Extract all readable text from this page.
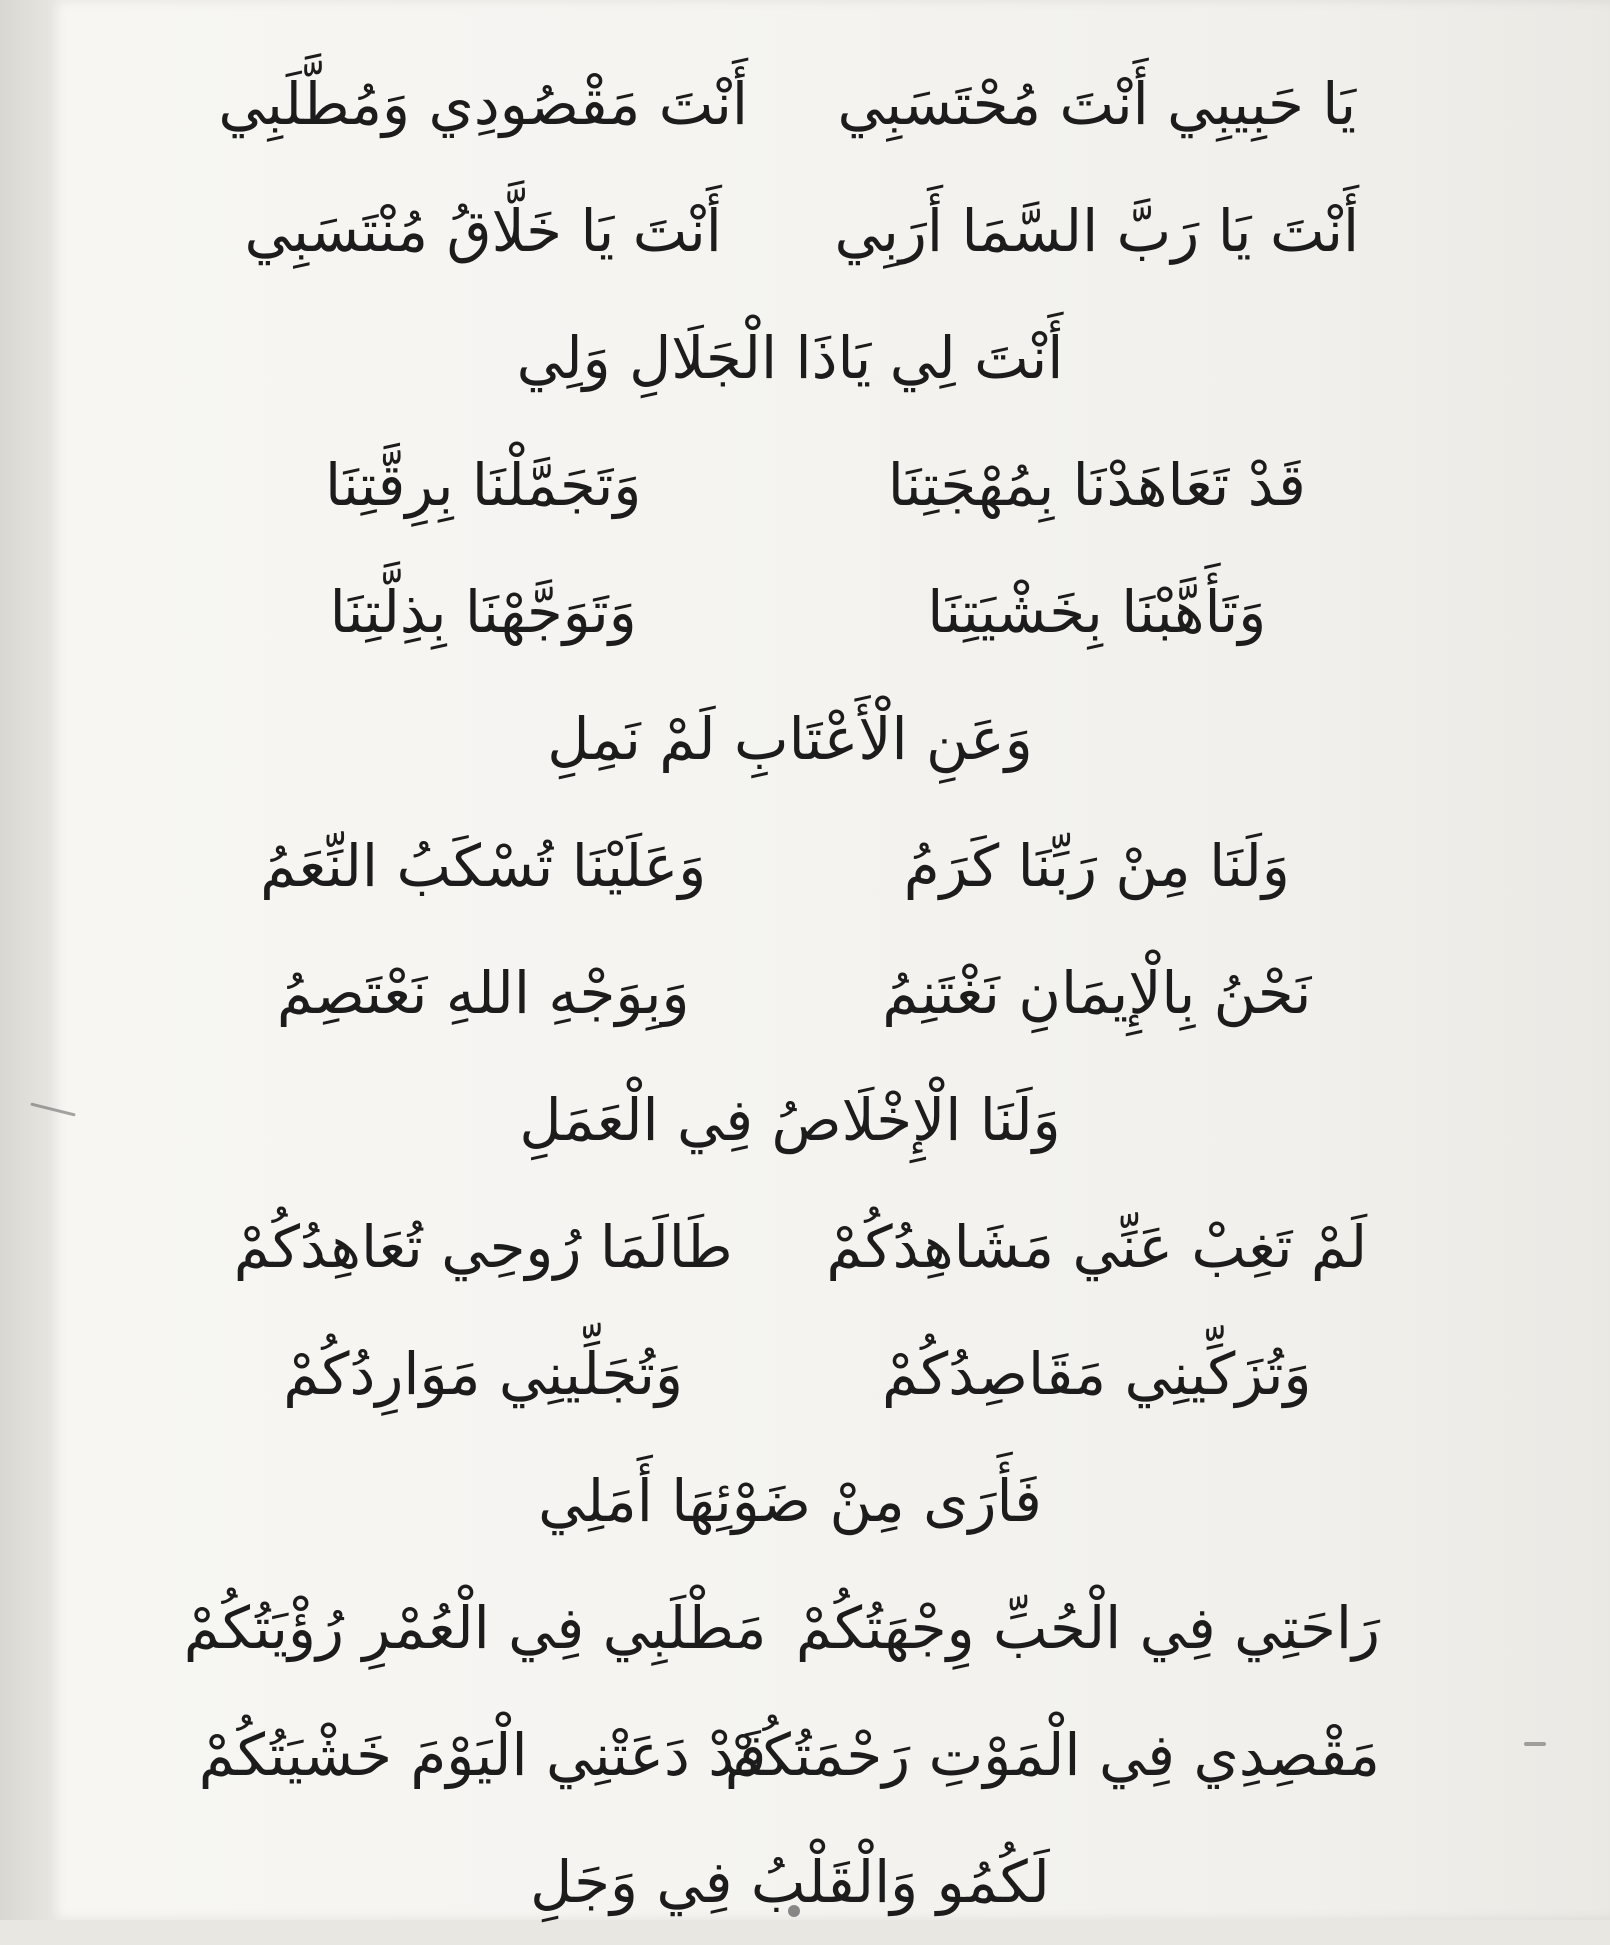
يَا حَبِيبِي أَنْتَ مُحْتَسَبِي
أَنْتَ مَقْصُودِي وَمُطَّلَبِي
أَنْتَ يَا رَبَّ السَّمَا أَرَبِي
أَنْتَ يَا خَلَّاقُ مُنْتَسَبِي
أَنْتَ لِي يَاذَا الْجَلَالِ وَلِي
قَدْ تَعَاهَدْنَا بِمُهْجَتِنَا
وَتَجَمَّلْنَا بِرِقَّتِنَا
وَتَأَهَّبْنَا بِخَشْيَتِنَا
وَتَوَجَّهْنَا بِذِلَّتِنَا
وَعَنِ الْأَعْتَابِ لَمْ نَمِلِ
وَلَنَا مِنْ رَبِّنَا كَرَمُ
وَعَلَيْنَا تُسْكَبُ النِّعَمُ
نَحْنُ بِالْإِيمَانِ نَغْتَنِمُ
وَبِوَجْهِ اللهِ نَعْتَصِمُ
وَلَنَا الْإِخْلَاصُ فِي الْعَمَلِ
لَمْ تَغِبْ عَنِّي مَشَاهِدُكُمْ
طَالَمَا رُوحِي تُعَاهِدُكُمْ
وَتُزَكِّينِي مَقَاصِدُكُمْ
وَتُجَلِّينِي مَوَارِدُكُمْ
فَأَرَى مِنْ ضَوْئِهَا أَمَلِي
رَاحَتِي فِي الْحُبِّ وِجْهَتُكُمْ
مَطْلَبِي فِي الْعُمْرِ رُؤْيَتُكُمْ
مَقْصِدِي فِي الْمَوْتِ رَحْمَتُكُمْ
قَدْ دَعَتْنِي الْيَوْمَ خَشْيَتُكُمْ
لَكُمُو وَالْقَلْبُ فِي وَجَلِ
